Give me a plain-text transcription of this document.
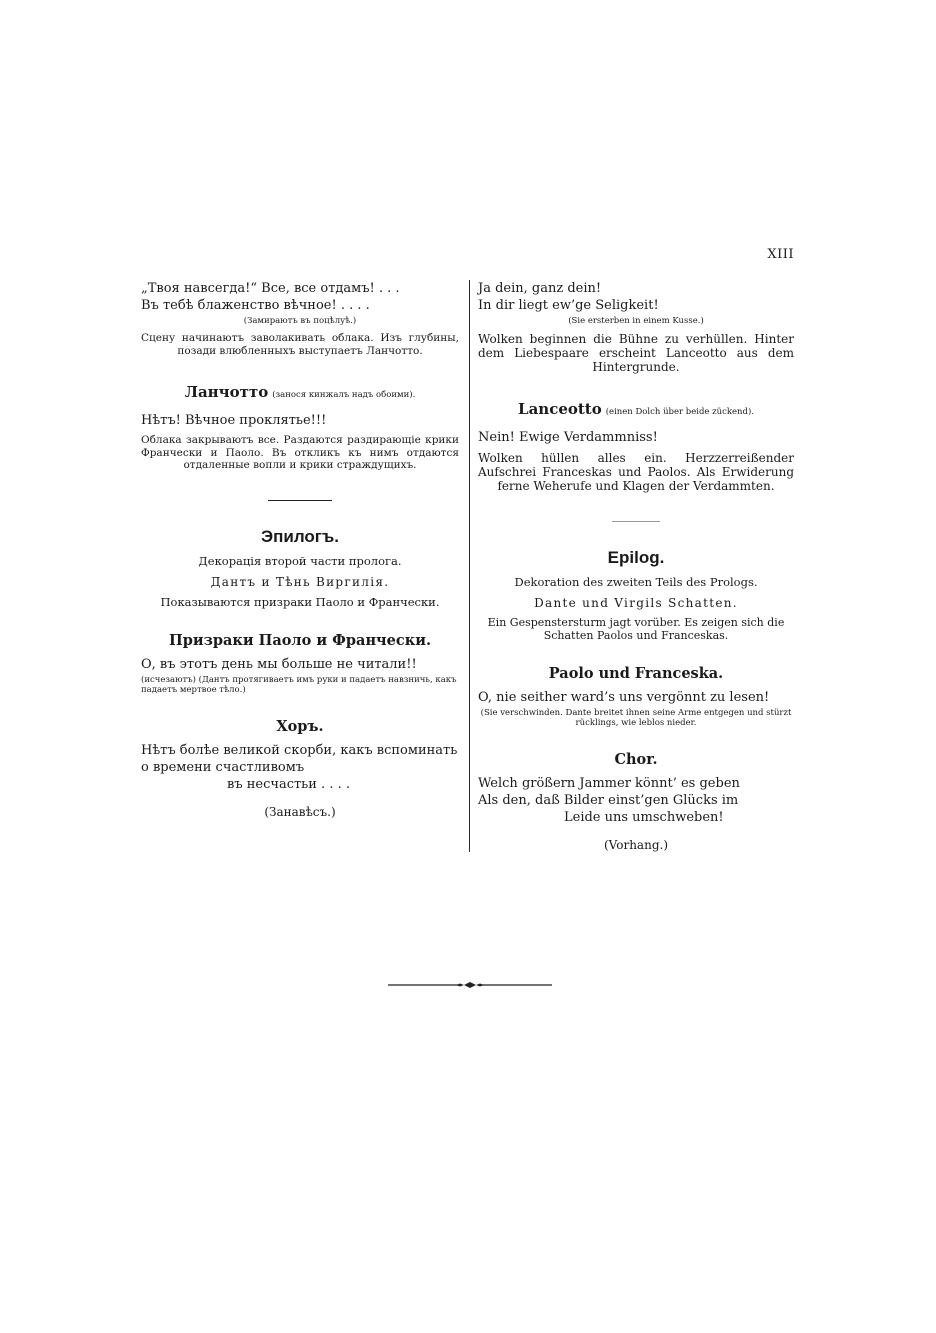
XIII
„Твоя навсегда!“ Все, все отдамъ! . . .
Въ тебѣ блаженство вѣчное! . . . .
(Замираютъ въ поцѣлуѣ.)
Сцену начинаютъ заволакивать облака. Изъ глубины, позади влюбленныхъ выступаетъ Ланчотто.
Ланчотто (занося кинжалъ надъ обоими).
Нѣтъ! Вѣчное проклятье!!!
Облака закрываютъ все. Раздаются раздирающіе крики Франчески и Паоло. Въ откликъ къ нимъ отдаются отдаленные вопли и крики страждущихъ.
Эпилогъ.
Декорація второй части пролога.
Дантъ и Тѣнь Виргилія.
Показываются призраки Паоло и Франчески.
Призраки Паоло и Франчески.
О, въ этотъ день мы больше не читали!!
(исчезаютъ) (Дантъ протягиваетъ имъ руки и падаетъ навзничь, какъ падаетъ мертвое тѣло.)
Хоръ.
Нѣтъ болѣе великой скорби, какъ вспоминать о времени счастливомъ
въ несчастьи . . . .
(Занавѣсъ.)
Ja dein, ganz dein!
In dir liegt ew’ge Seligkeit!
(Sie ersterben in einem Kusse.)
Wolken beginnen die Bühne zu verhüllen. Hinter dem Liebespaare erscheint Lanceotto aus dem Hintergrunde.
Lanceotto (einen Dolch über beide zückend).
Nein! Ewige Verdammniss!
Wolken hüllen alles ein. Herzzerreißender Aufschrei Franceskas und Paolos. Als Erwiderung ferne Weherufe und Klagen der Verdammten.
Epilog.
Dekoration des zweiten Teils des Prologs.
Dante und Virgils Schatten.
Ein Gespenstersturm jagt vorüber. Es zeigen sich die Schatten Paolos und Franceskas.
Paolo und Franceska.
O, nie seither ward’s uns vergönnt zu lesen!
(Sie verschwinden. Dante breitet ihnen seine Arme entgegen und stürzt rücklings, wie leblos nieder.
Chor.
Welch größern Jammer könnt’ es geben
Als den, daß Bilder einst’gen Glücks im
Leide uns umschweben!
(Vorhang.)
